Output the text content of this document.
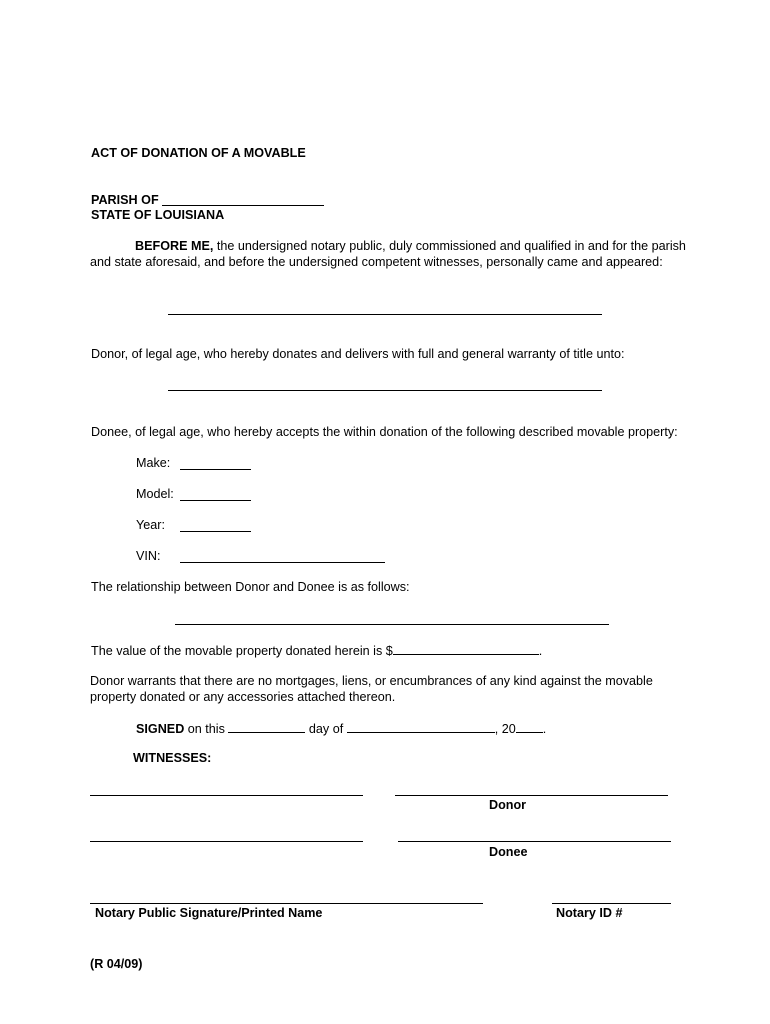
ACT OF DONATION OF A MOVABLE
PARISH OF
STATE OF LOUISIANA
BEFORE ME, the undersigned notary public, duly commissioned and qualified in and for the parish and state aforesaid, and before the undersigned competent witnesses, personally came and appeared:
Donor, of legal age, who hereby donates and delivers with full and general warranty of title unto:
Donee, of legal age, who hereby accepts the within donation of the following described movable property:
Make:
Model:
Year:
VIN:
The relationship between Donor and Donee is as follows:
The value of the movable property donated herein is $	.
Donor warrants that there are no mortgages, liens, or encumbrances of any kind against the movable property donated or any accessories attached thereon.
SIGNED on this	day of	, 20 .
WITNESSES:
Donor
Donee
Notary Public Signature/Printed Name	Notary ID #
(R 04/09)
